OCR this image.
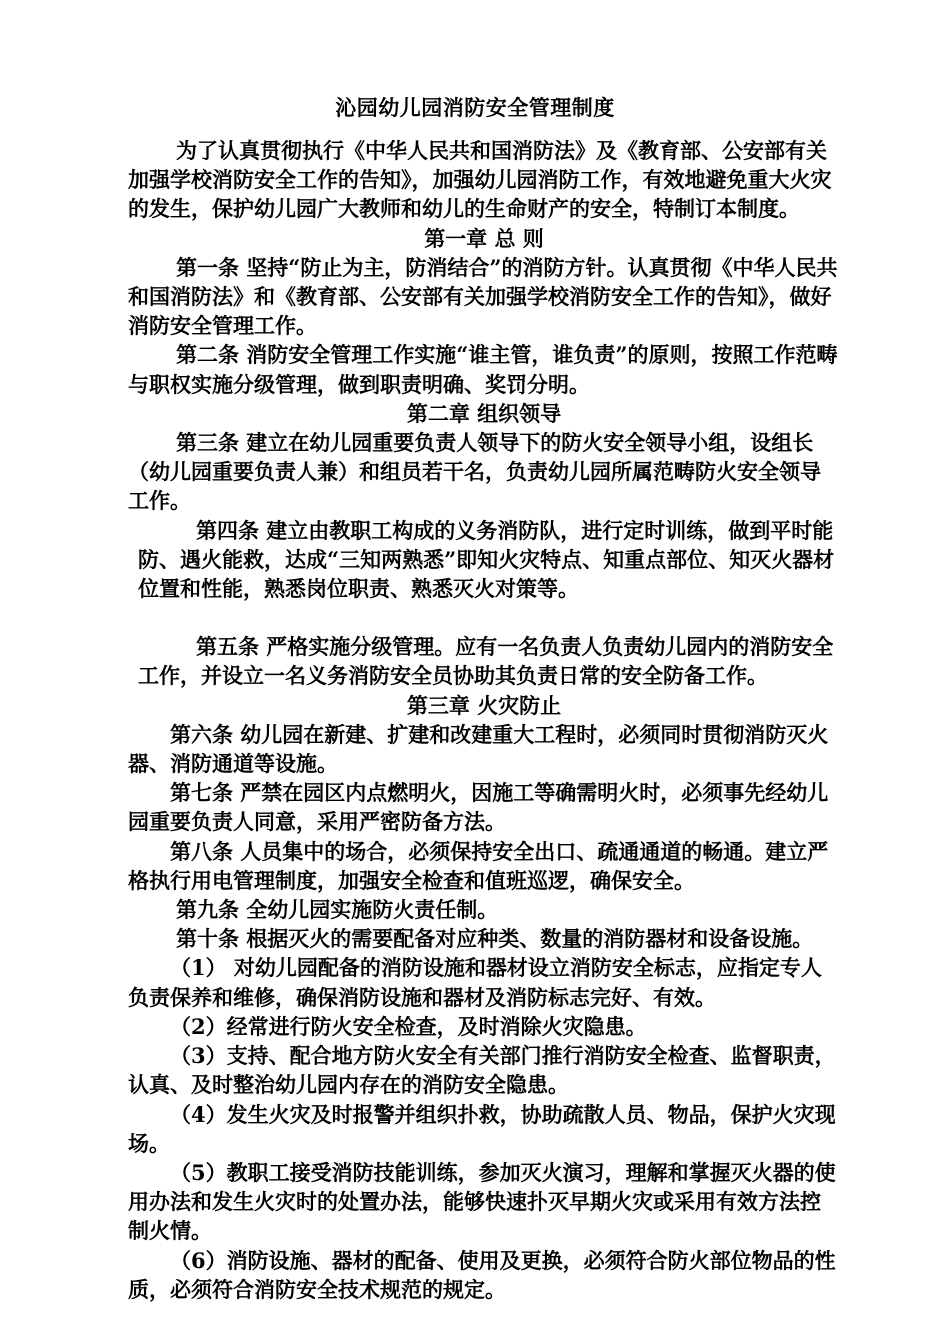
沁园幼儿园消防安全管理制度

为了认真贯彻执行《中华人民共和国消防法》及《教育部、公安部有关加强学校消防安全工作的告知》，加强幼儿园消防工作，有效地避免重大火灾的发生，保护幼儿园广大教师和幼儿的生命财产的安全，特制订本制度。

第一章 总 则

第一条 坚持“防止为主，防消结合”的消防方针。认真贯彻《中华人民共和国消防法》和《教育部、公安部有关加强学校消防安全工作的告知》，做好消防安全管理工作。

第二条 消防安全管理工作实施“谁主管，谁负责”的原则，按照工作范畴与职权实施分级管理，做到职责明确、奖罚分明。

第二章 组织领导

第三条 建立在幼儿园重要负责人领导下的防火安全领导小组，设组长（幼儿园重要负责人兼）和组员若干名，负责幼儿园所属范畴防火安全领导工作。

第四条 建立由教职工构成的义务消防队，进行定时训练，做到平时能防、遇火能救，达成“三知两熟悉”即知火灾特点、知重点部位、知灭火器材位置和性能，熟悉岗位职责、熟悉灭火对策等。

第五条 严格实施分级管理。应有一名负责人负责幼儿园内的消防安全工作，并设立一名义务消防安全员协助其负责日常的安全防备工作。

第三章 火灾防止

第六条 幼儿园在新建、扩建和改建重大工程时，必须同时贯彻消防灭火器、消防通道等设施。

第七条 严禁在园区内点燃明火，因施工等确需明火时，必须事先经幼儿园重要负责人同意，采用严密防备方法。

第八条 人员集中的场合，必须保持安全出口、疏通通道的畅通。建立严格执行用电管理制度，加强安全检查和值班巡逻，确保安全。

第九条 全幼儿园实施防火责任制。

第十条 根据灭火的需要配备对应种类、数量的消防器材和设备设施。

（1） 对幼儿园配备的消防设施和器材设立消防安全标志，应指定专人负责保养和维修，确保消防设施和器材及消防标志完好、有效。

（2）经常进行防火安全检查，及时消除火灾隐患。

（3）支持、配合地方防火安全有关部门推行消防安全检查、监督职责，认真、及时整治幼儿园内存在的消防安全隐患。

（4）发生火灾及时报警并组织扑救，协助疏散人员、物品，保护火灾现场。

（5）教职工接受消防技能训练，参加灭火演习，理解和掌握灭火器的使用办法和发生火灾时的处置办法，能够快速扑灭早期火灾或采用有效方法控制火情。

（6）消防设施、器材的配备、使用及更换，必须符合防火部位物品的性质，必须符合消防安全技术规范的规定。
